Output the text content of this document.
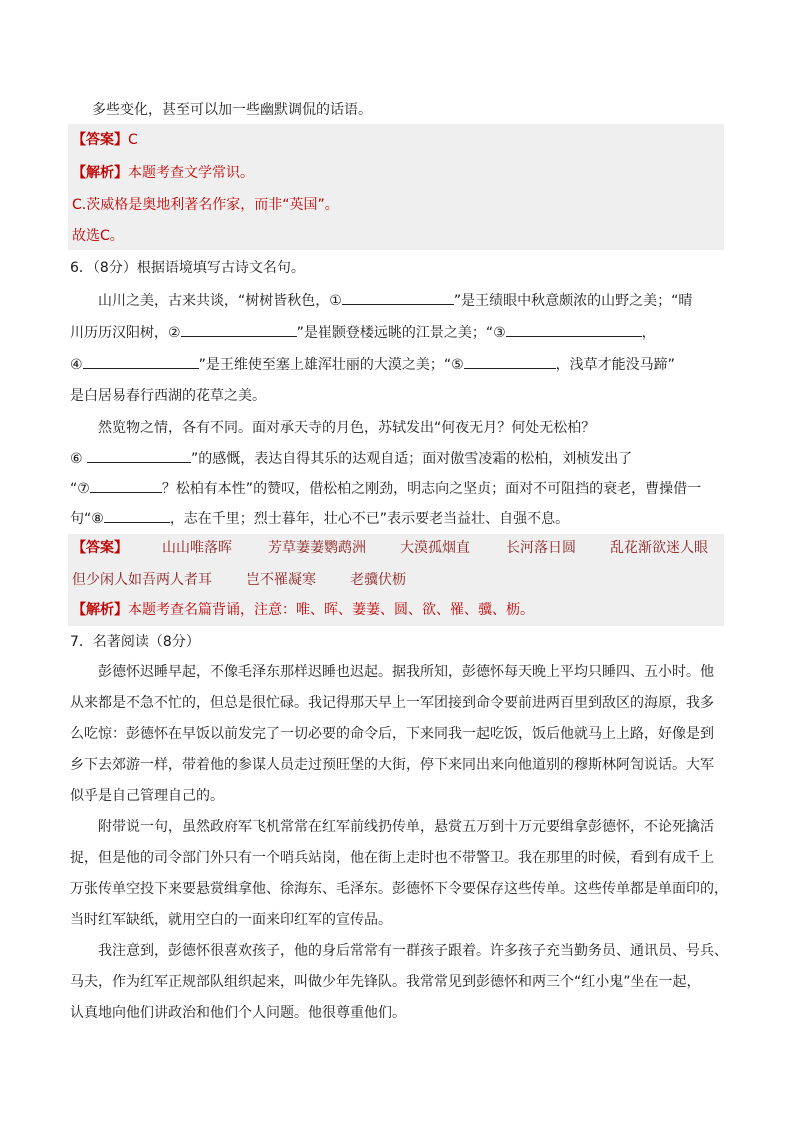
多些变化，甚至可以加一些幽默调侃的话语。
【答案】C
【解析】本题考查文学常识。
C.茨威格是奥地利著名作家，而非“英国”。
故选C。
6．（8分）根据语境填写古诗文名句。
山川之美，古来共谈，“树树皆秋色，①	”是王绩眼中秋意颇浓的山野之美；“晴
川历历汉阳树，②	”是崔颢登楼远眺的江景之美；“③	，
④	”是王维使至塞上雄浑壮丽的大漠之美；“⑤	，浅草才能没马蹄”
是白居易春行西湖的花草之美。
然览物之情，各有不同。面对承天寺的月色，苏轼发出“何夜无月？何处无松柏？
⑥	”的感慨，表达自得其乐的达观自适；面对傲雪凌霜的松柏，刘桢发出了
“⑦	？松柏有本性”的赞叹，借松柏之刚劲，明志向之坚贞；面对不可阻挡的衰老，曹操借一
句“⑧	，志在千里；烈士暮年，壮心不已”表示要老当益壮、自强不息。
【答案】 山山唯落晖	芳草萋萋鹦鹉洲 大漠孤烟直	长河落日圆 乱花渐欲迷人眼
但少闲人如吾两人者耳 岂不罹凝寒 老骥伏枥
【解析】本题考查名篇背诵，注意：唯、晖、萋萋、圆、欲、罹、骥、枥。
7．名著阅读（8分）
彭德怀迟睡早起，不像毛泽东那样迟睡也迟起。据我所知，彭德怀每天晚上平均只睡四、五小时。他
从来都是不急不忙的，但总是很忙碌。我记得那天早上一军团接到命令要前进两百里到敌区的海原，我多
么吃惊：彭德怀在早饭以前发完了一切必要的命令后，下来同我一起吃饭，饭后他就马上上路，好像是到
乡下去郊游一样，带着他的参谋人员走过预旺堡的大街，停下来同出来向他道别的穆斯林阿訇说话。大军
似乎是自己管理自己的。
附带说一句，虽然政府军飞机常常在红军前线扔传单，悬赏五万到十万元要缉拿彭德怀，不论死擒活
捉，但是他的司令部门外只有一个哨兵站岗，他在街上走时也不带警卫。我在那里的时候，看到有成千上
万张传单空投下来要悬赏缉拿他、徐海东、毛泽东。彭德怀下令要保存这些传单。这些传单都是单面印的，
当时红军缺纸，就用空白的一面来印红军的宣传品。
我注意到，彭德怀很喜欢孩子，他的身后常常有一群孩子跟着。许多孩子充当勤务员、通讯员、号兵、
马夫，作为红军正规部队组织起来，叫做少年先锋队。我常常见到彭德怀和两三个“红小鬼”坐在一起，
认真地向他们讲政治和他们个人问题。他很尊重他们。
